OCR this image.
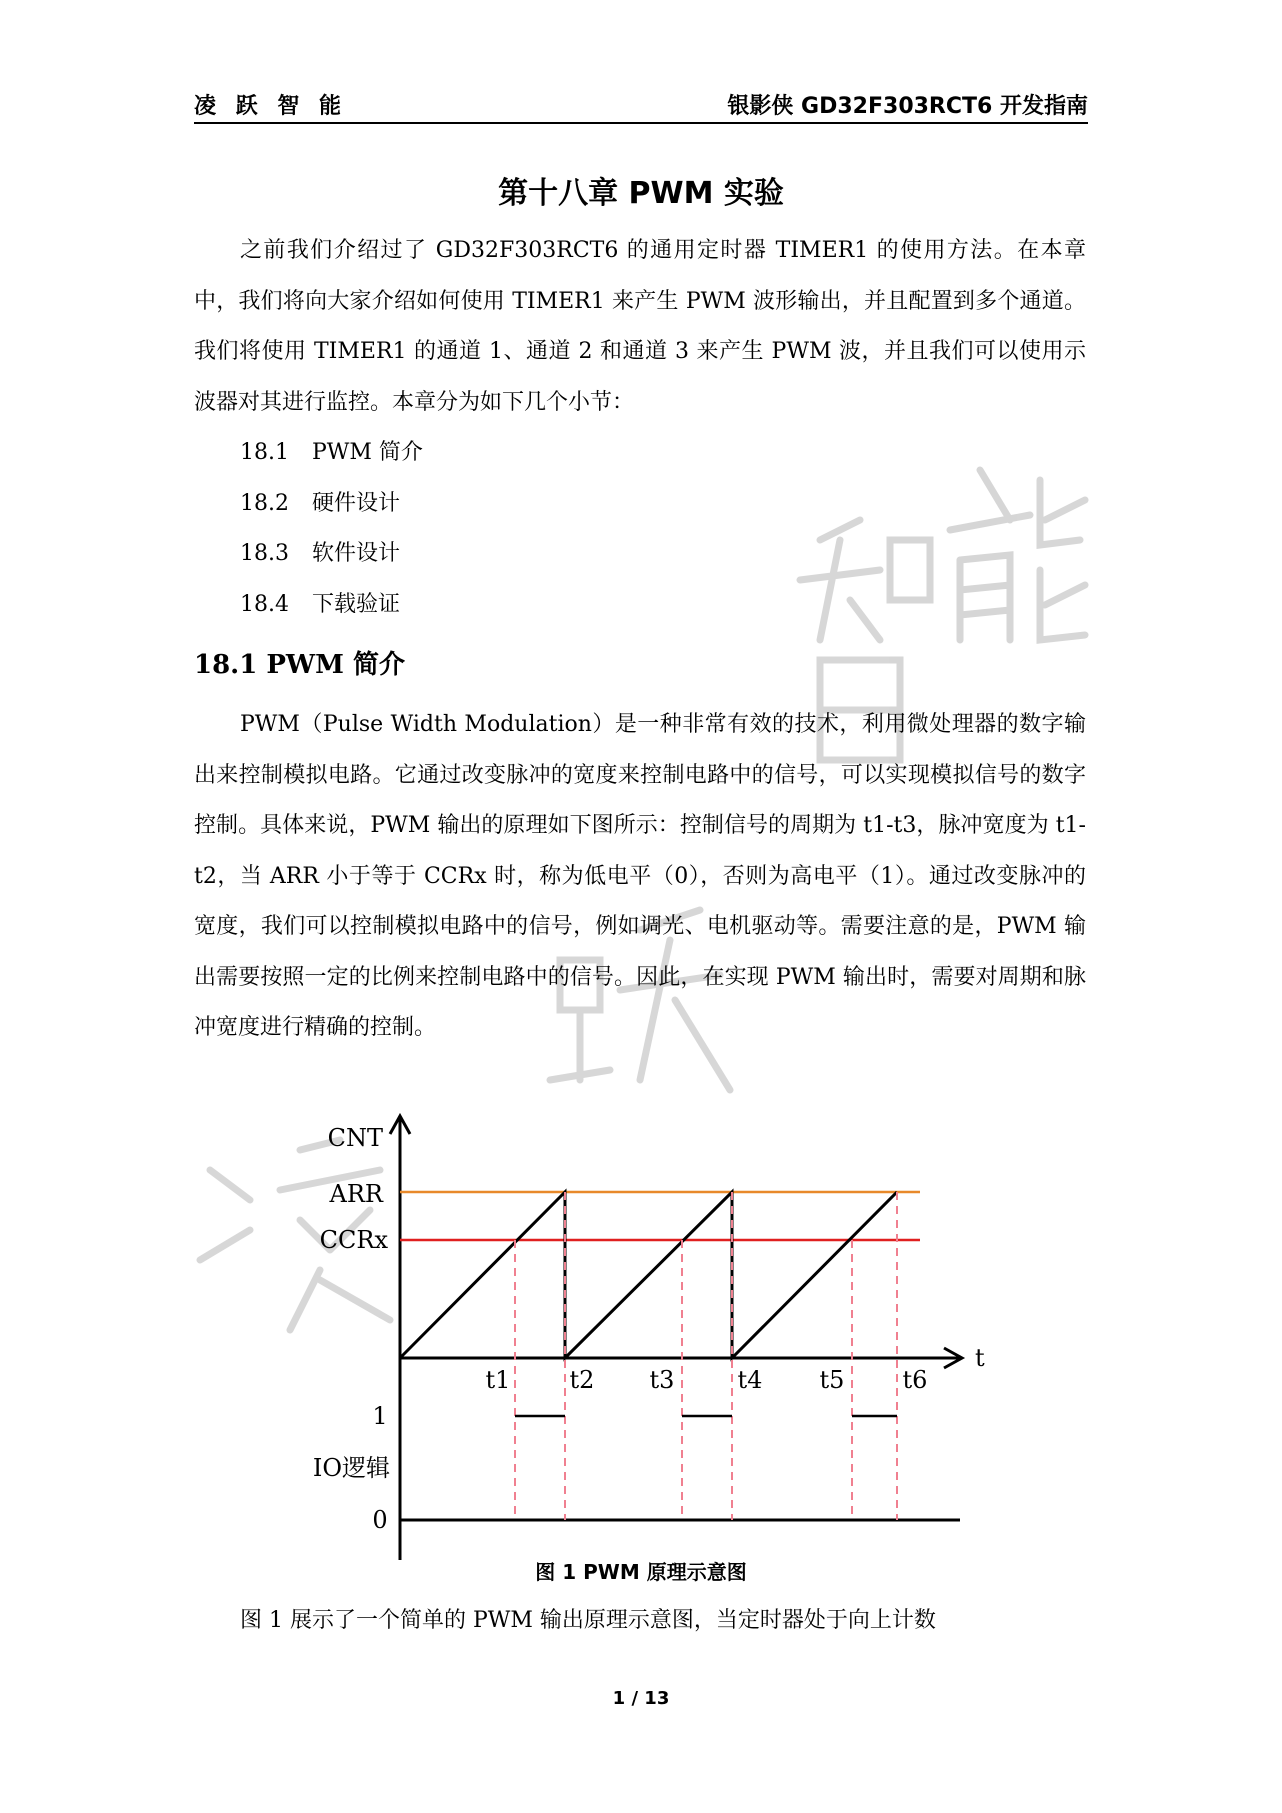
凌 跃 智 能	银影侠 GD32F303RCT6 开发指南
第十八章 PWM 实验

之前我们介绍过了 GD32F303RCT6 的通用定时器 TIMER1 的使用方法。在本章中，我们将向大家介绍如何使用 TIMER1 来产生 PWM 波形输出，并且配置到多个通道。我们将使用 TIMER1 的通道 1、通道 2 和通道 3 来产生 PWM 波，并且我们可以使用示波器对其进行监控。本章分为如下几个小节：

18.1 PWM 简介
18.2 硬件设计
18.3 软件设计
18.4 下载验证
18.1 PWM 简介

PWM（Pulse Width Modulation）是一种非常有效的技术，利用微处理器的数字输出来控制模拟电路。它通过改变脉冲的宽度来控制电路中的信号，可以实现模拟信号的数字控制。具体来说，PWM 输出的原理如下图所示：控制信号的周期为 t1-t3，脉冲宽度为 t1-t2，当 ARR 小于等于 CCRx 时，称为低电平（0），否则为高电平（1）。通过改变脉冲的宽度，我们可以控制模拟电路中的信号，例如调光、电机驱动等。需要注意的是，PWM 输出需要按照一定的比例来控制电路中的信号。因此，在实现 PWM 输出时，需要对周期和脉冲宽度进行精确的控制。

CNT
ARR
CCRx
t
t1 t2 t3	t4 t5 t6
1
IO逻辑
0
图 1 PWM 原理示意图

图 1 展示了一个简单的 PWM 输出原理示意图，当定时器处于向上计数

1 / 13
